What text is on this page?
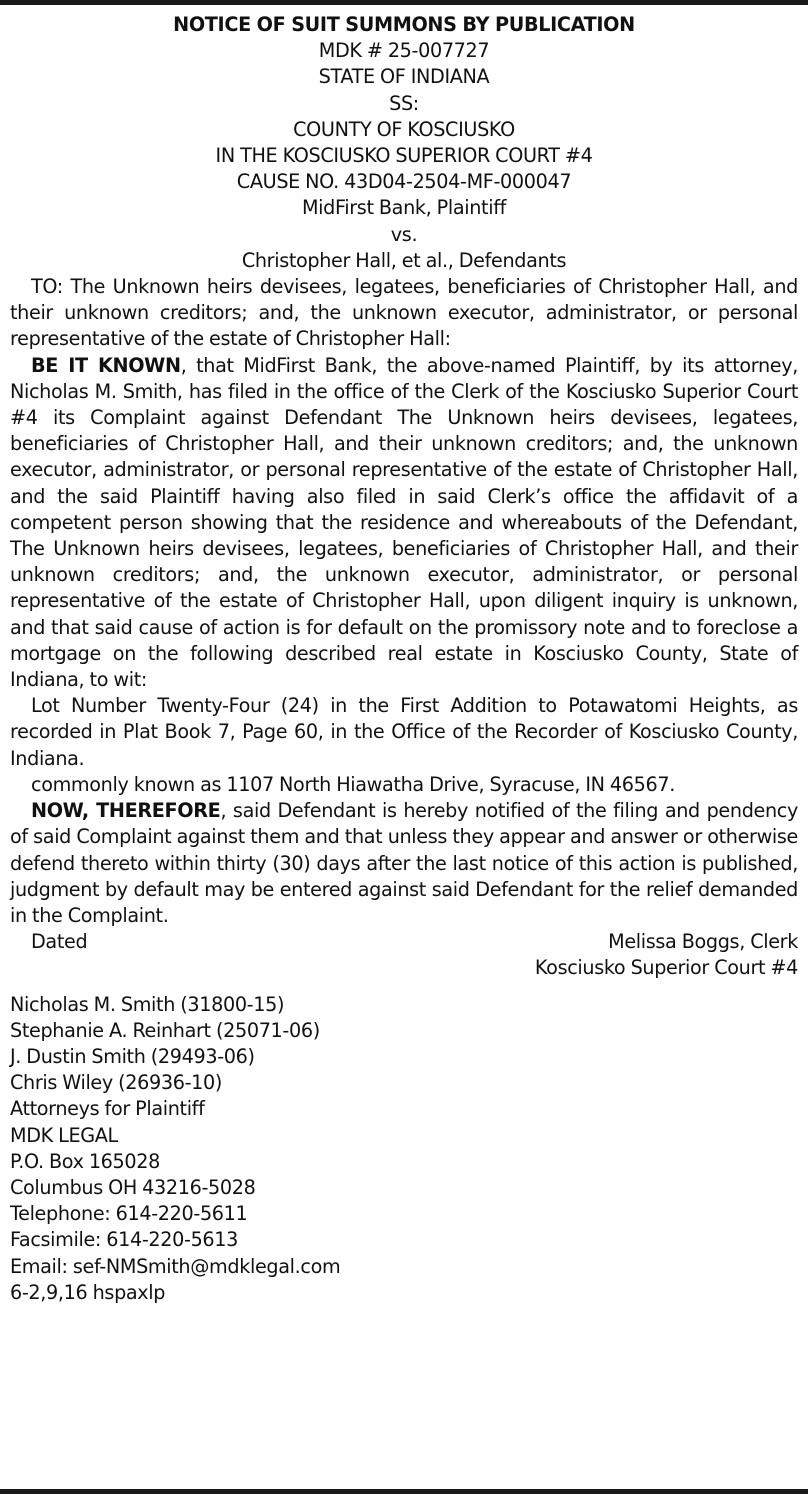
NOTICE OF SUIT SUMMONS BY PUBLICATION

MDK # 25-007727

STATE OF INDIANA

SS:

COUNTY OF KOSCIUSKO

IN THE KOSCIUSKO SUPERIOR COURT #4

CAUSE NO. 43D04-2504-MF-000047

MidFirst Bank, Plaintiff

vs.

Christopher Hall, et al., Defendants

TO: The Unknown heirs devisees, legatees, beneficiaries of Christopher Hall, and their unknown creditors; and, the unknown executor, administrator, or personal representative of the estate of Christopher Hall:

BE IT KNOWN, that MidFirst Bank, the above-named Plaintiff, by its attorney, Nicholas M. Smith, has filed in the office of the Clerk of the Kosciusko Superior Court #4 its Complaint against Defendant The Unknown heirs devisees, legatees, beneficiaries of Christopher Hall, and their unknown creditors; and, the unknown executor, administrator, or personal representative of the estate of Christopher Hall, and the said Plaintiff having also filed in said Clerk’s office the affidavit of a competent person showing that the residence and whereabouts of the Defendant, The Unknown heirs devisees, legatees, beneficiaries of Christopher Hall, and their unknown creditors; and, the unknown executor, administrator, or personal representative of the estate of Christopher Hall, upon diligent inquiry is unknown, and that said cause of action is for default on the promissory note and to foreclose a mortgage on the following described real estate in Kosciusko County, State of Indiana, to wit:

Lot Number Twenty-Four (24) in the First Addition to Potawatomi Heights, as recorded in Plat Book 7, Page 60, in the Office of the Recorder of Kosciusko County, Indiana.

commonly known as 1107 North Hiawatha Drive, Syracuse, IN 46567.

NOW, THEREFORE, said Defendant is hereby notified of the filing and pendency of said Complaint against them and that unless they appear and answer or otherwise defend thereto within thirty (30) days after the last notice of this action is published, judgment by default may be entered against said Defendant for the relief demanded in the Complaint.

Dated	Melissa Boggs, Clerk

Kosciusko Superior Court #4

Nicholas M. Smith (31800-15)

Stephanie A. Reinhart (25071-06)

J. Dustin Smith (29493-06)

Chris Wiley (26936-10)

Attorneys for Plaintiff

MDK LEGAL

P.O. Box 165028

Columbus OH 43216-5028

Telephone: 614-220-5611

Facsimile: 614-220-5613

Email: sef-NMSmith@mdklegal.com

6-2,9,16 hspaxlp
